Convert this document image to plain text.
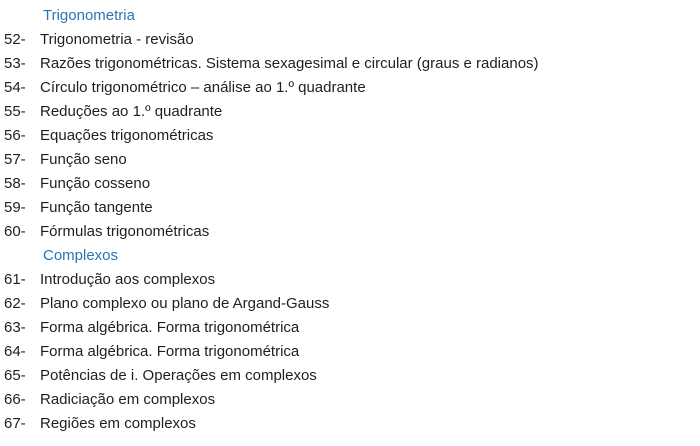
Trigonometria
52- Trigonometria - revisão
53- Razões trigonométricas. Sistema sexagesimal e circular (graus e radianos)
54- Círculo trigonométrico – análise ao 1.º quadrante
55- Reduções ao 1.º quadrante
56- Equações trigonométricas
57- Função seno
58- Função cosseno
59- Função tangente
60- Fórmulas trigonométricas
Complexos
61- Introdução aos complexos
62- Plano complexo ou plano de Argand-Gauss
63- Forma algébrica. Forma trigonométrica
64- Forma algébrica. Forma trigonométrica
65- Potências de i. Operações em complexos
66- Radiciação em complexos
67- Regiões em complexos
